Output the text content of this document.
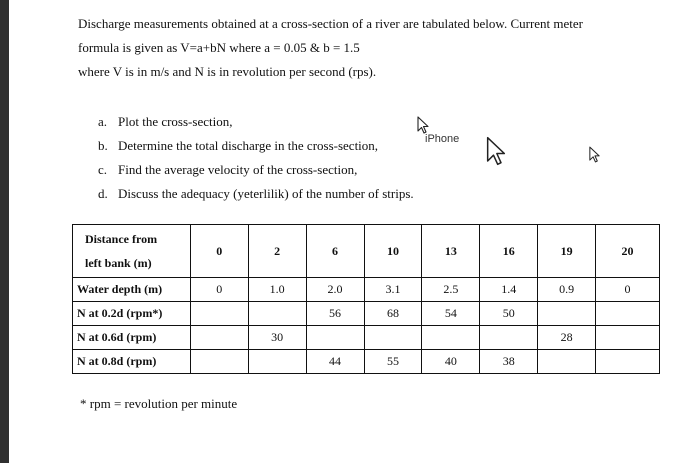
Discharge measurements obtained at a cross-section of a river are tabulated below. Current meter
formula is given as V=a+bN where a = 0.05 & b = 1.5
where V is in m/s and N is in revolution per second (rps).
a. Plot the cross-section,
b. Determine the total discharge in the cross-section,
c. Find the average velocity of the cross-section,
d. Discuss the adequacy (yeterlilik) of the number of strips.
iPhone
Distance from
left bank (m)	0	2	6	10	13	16	19	20
Water depth (m)	0	1.0	2.0	3.1	2.5	1.4	0.9	0
N at 0.2d (rpm*)			56	68	54	50		
N at 0.6d (rpm)		30					28	
N at 0.8d (rpm)			44	55	40	38		
* rpm = revolution per minute
